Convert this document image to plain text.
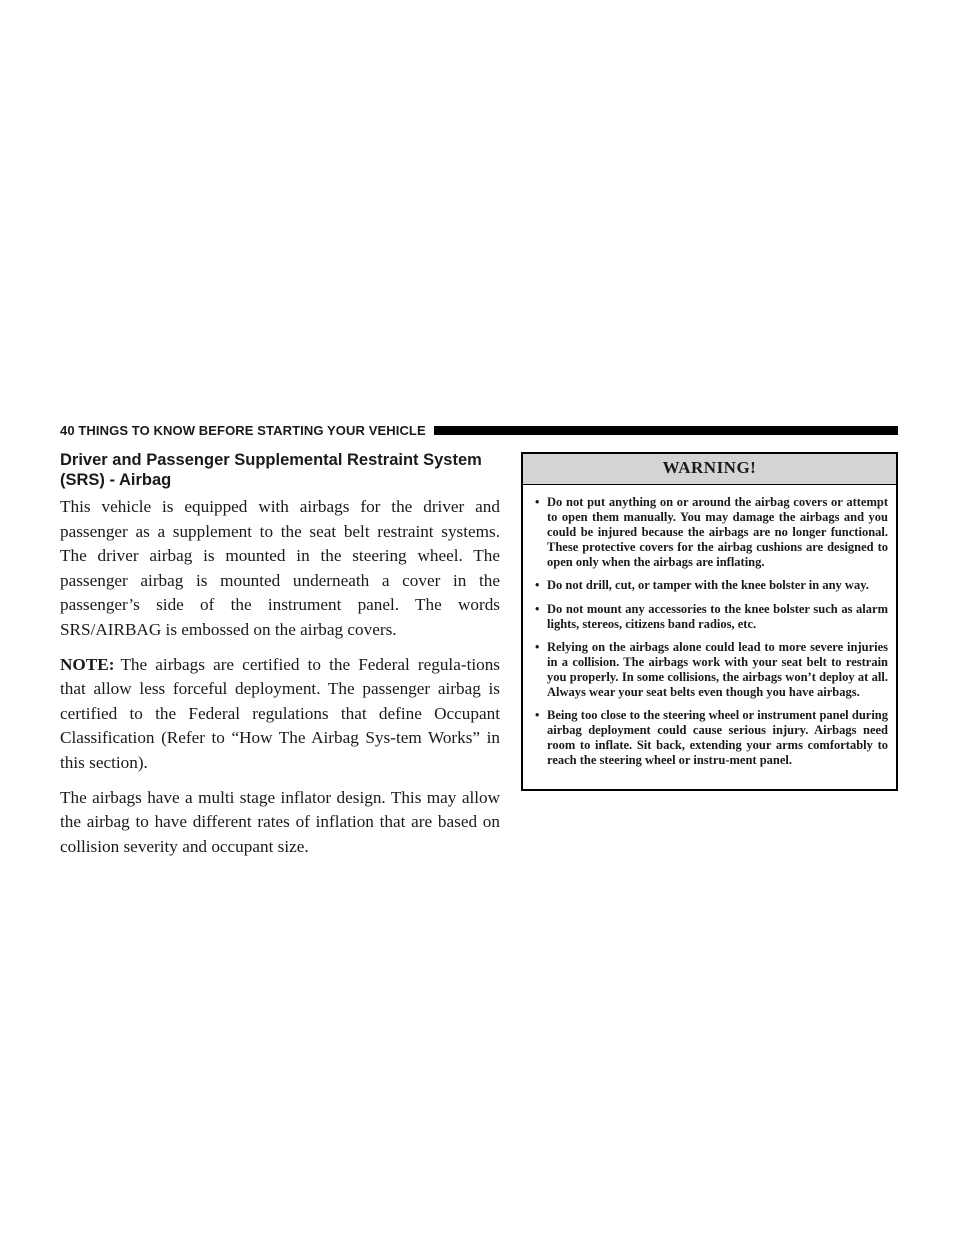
40 THINGS TO KNOW BEFORE STARTING YOUR VEHICLE
Driver and Passenger Supplemental Restraint System (SRS) - Airbag

This vehicle is equipped with airbags for the driver and passenger as a supplement to the seat belt restraint systems. The driver airbag is mounted in the steering wheel. The passenger airbag is mounted underneath a cover in the passenger’s side of the instrument panel. The words SRS/AIRBAG is embossed on the airbag covers.

NOTE: The airbags are certified to the Federal regula-tions that allow less forceful deployment. The passenger airbag is certified to the Federal regulations that define Occupant Classification (Refer to “How The Airbag Sys-tem Works” in this section).

The airbags have a multi stage inflator design. This may allow the airbag to have different rates of inflation that are based on collision severity and occupant size.

WARNING!
• Do not put anything on or around the airbag covers or attempt to open them manually. You may damage the airbags and you could be injured because the airbags are no longer functional. These protective covers for the airbag cushions are designed to open only when the airbags are inflating.
• Do not drill, cut, or tamper with the knee bolster in any way.
• Do not mount any accessories to the knee bolster such as alarm lights, stereos, citizens band radios, etc.
• Relying on the airbags alone could lead to more severe injuries in a collision. The airbags work with your seat belt to restrain you properly. In some collisions, the airbags won’t deploy at all. Always wear your seat belts even though you have airbags.
• Being too close to the steering wheel or instrument panel during airbag deployment could cause serious injury. Airbags need room to inflate. Sit back, extending your arms comfortably to reach the steering wheel or instru-ment panel.
